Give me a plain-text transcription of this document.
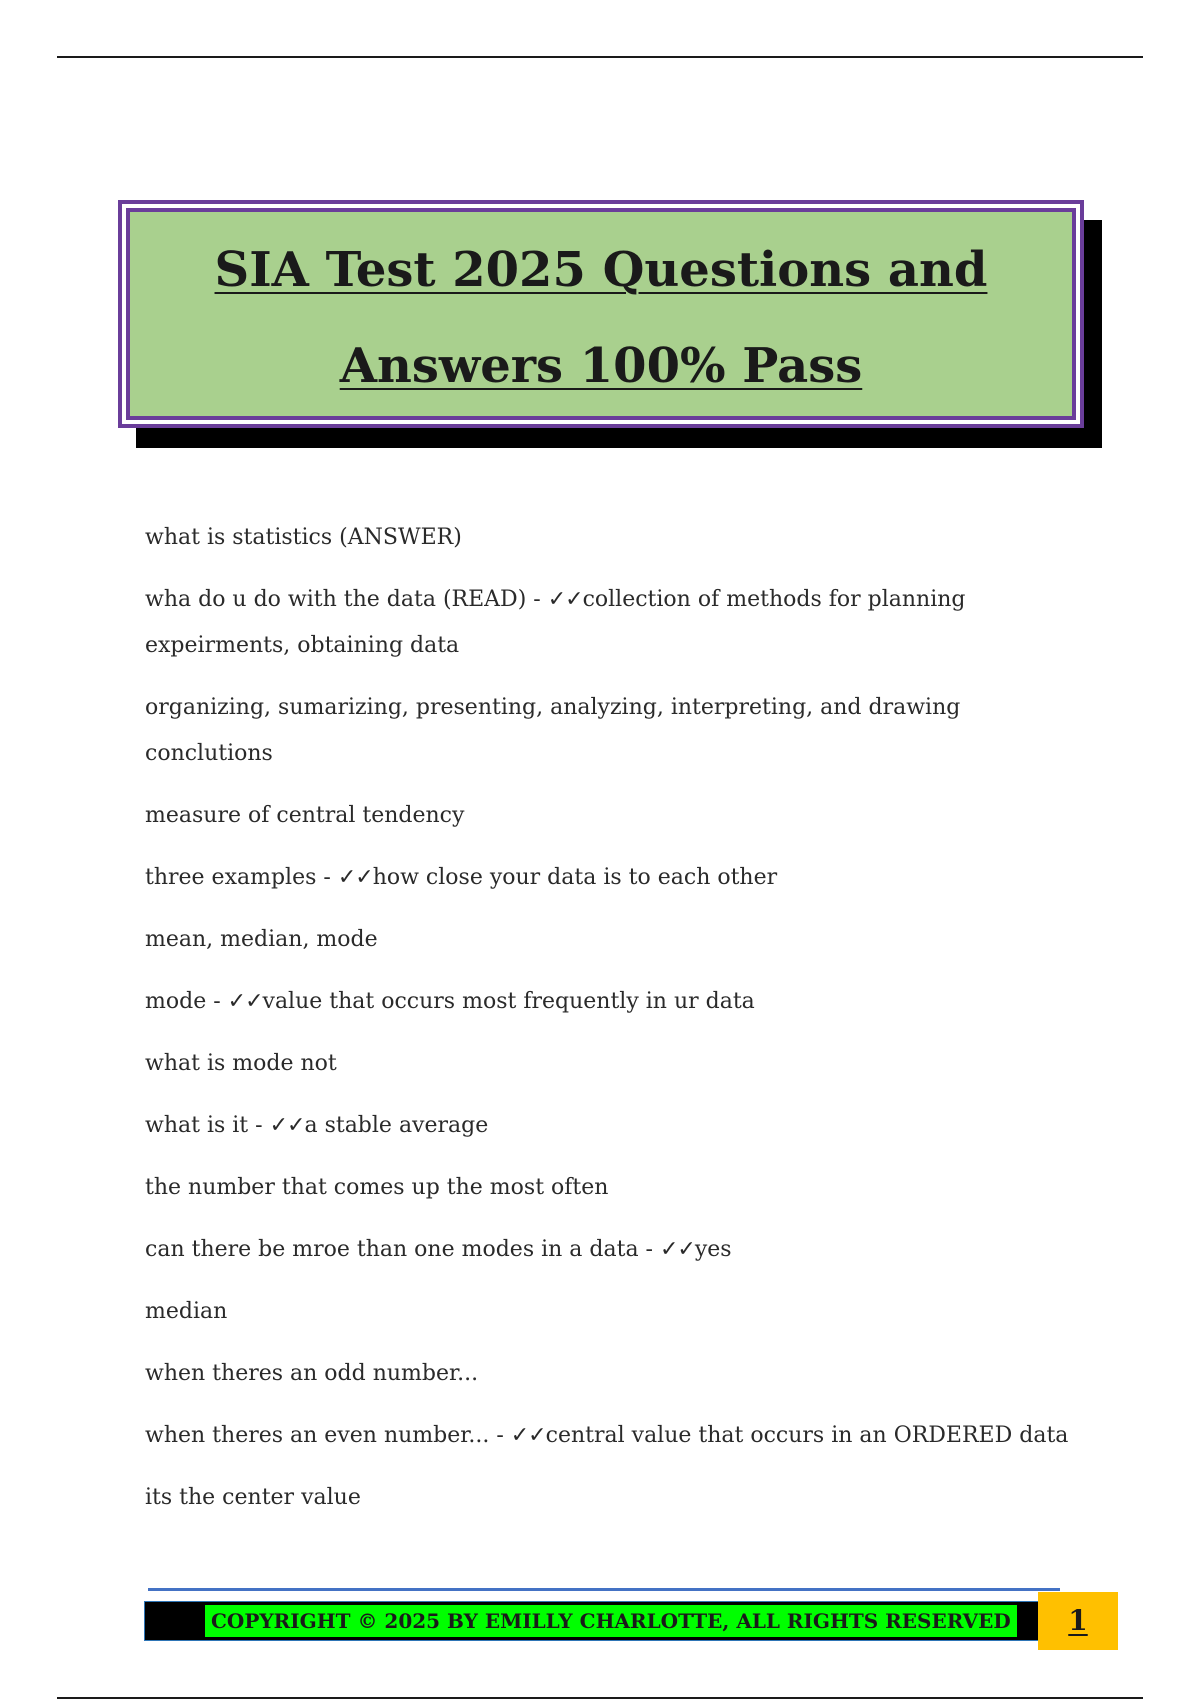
SIA Test 2025 Questions and
Answers 100% Pass

what is statistics (ANSWER)

wha do u do with the data (READ) - ✓✓collection of methods for planning expeirments, obtaining data

organizing, sumarizing, presenting, analyzing, interpreting, and drawing conclutions

measure of central tendency

three examples - ✓✓how close your data is to each other

mean, median, mode

mode - ✓✓value that occurs most frequently in ur data

what is mode not

what is it - ✓✓a stable average

the number that comes up the most often

can there be mroe than one modes in a data - ✓✓yes

median

when theres an odd number...

when theres an even number... - ✓✓central value that occurs in an ORDERED data

its the center value

COPYRIGHT © 2025 BY EMILLY CHARLOTTE, ALL RIGHTS RESERVED	1
